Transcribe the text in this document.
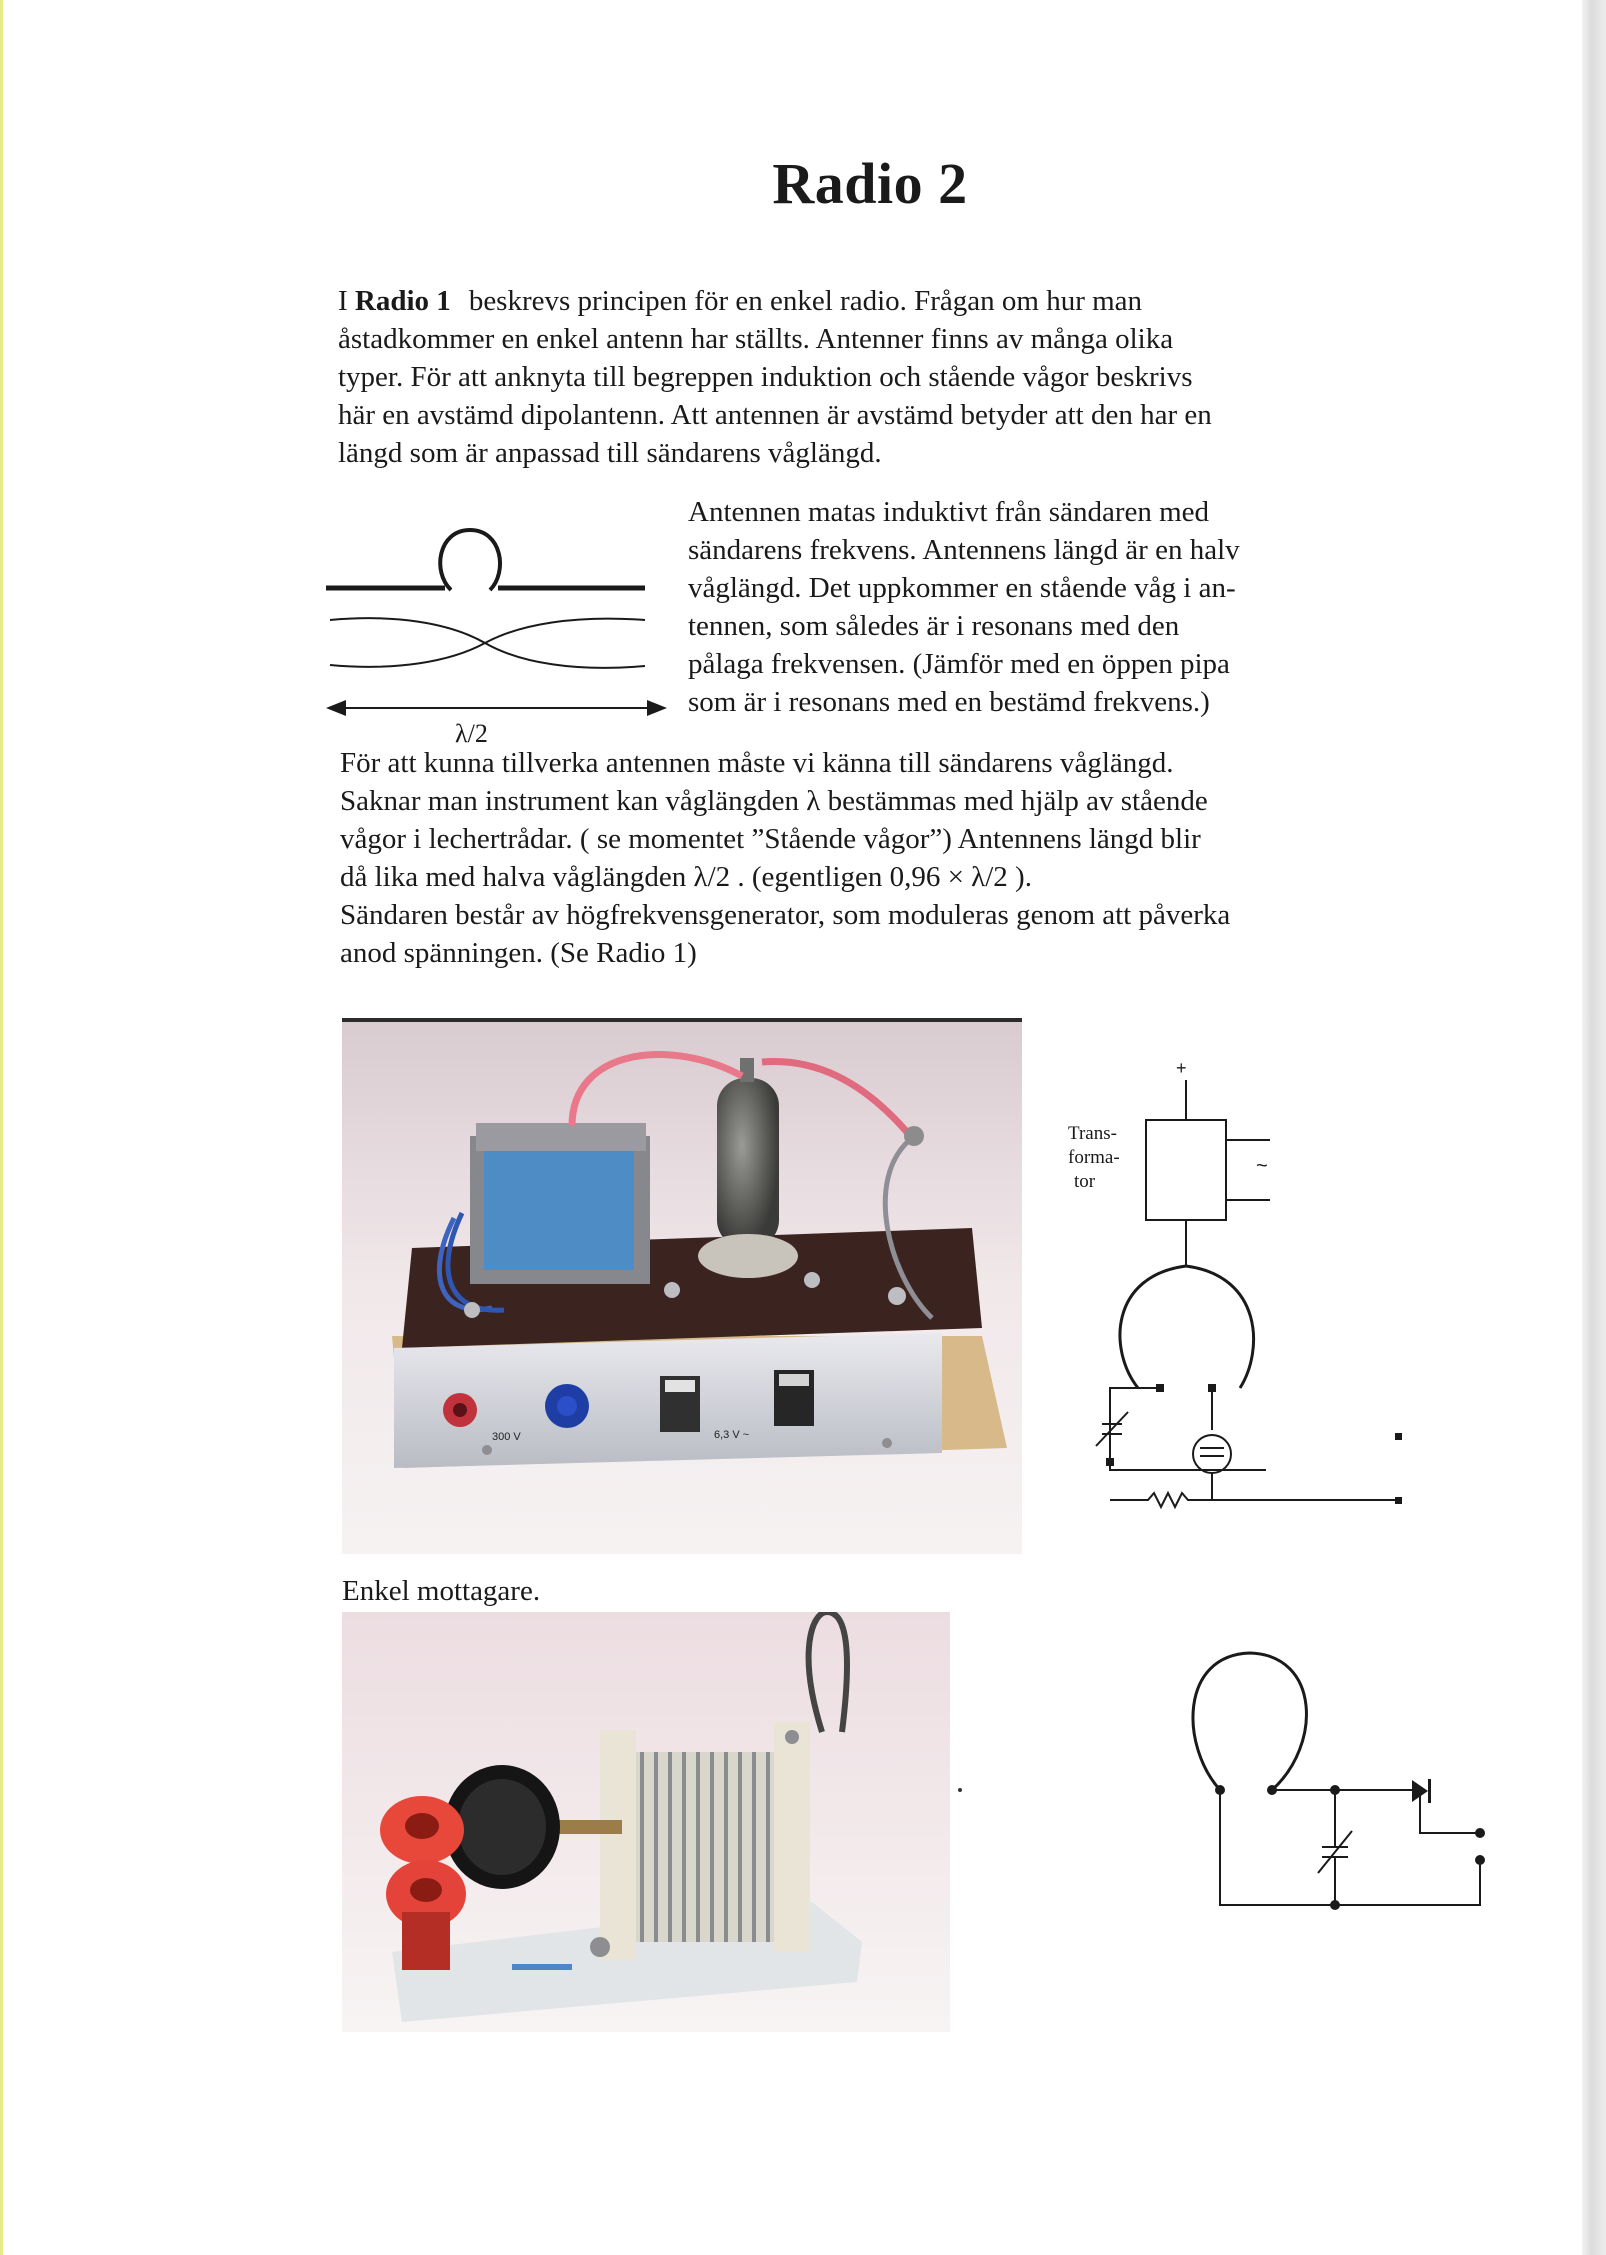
Radio 2

I Radio 1 beskrevs principen för en enkel radio. Frågan om hur man
åstadkommer en enkel antenn har ställts. Antenner finns av många olika
typer. För att anknyta till begreppen induktion och stående vågor beskrivs
här en avstämd dipolantenn. Att antennen är avstämd betyder att den har en
längd som är anpassad till sändarens våglängd.

λ/2

Antennen matas induktivt från sändaren med
sändarens frekvens. Antennens längd är en halv
våglängd. Det uppkommer en stående våg i an-
tennen, som således är i resonans med den
pålaga frekvensen. (Jämför med en öppen pipa
som är i resonans med en bestämd frekvens.)

För att kunna tillverka antennen måste vi känna till sändarens våglängd.
Saknar man instrument kan våglängden λ bestämmas med hjälp av stående
vågor i lechertrådar. ( se momentet ”Stående vågor”) Antennens längd blir
då lika med halva våglängden λ/2 . (egentligen 0,96 × λ/2 ).
Sändaren består av högfrekvensgenerator, som moduleras genom att påverka
anod spänningen. (Se Radio 1)

300 V	6,3 V ~
+
Trans-
forma-
tor
~

Enkel mottagare.
